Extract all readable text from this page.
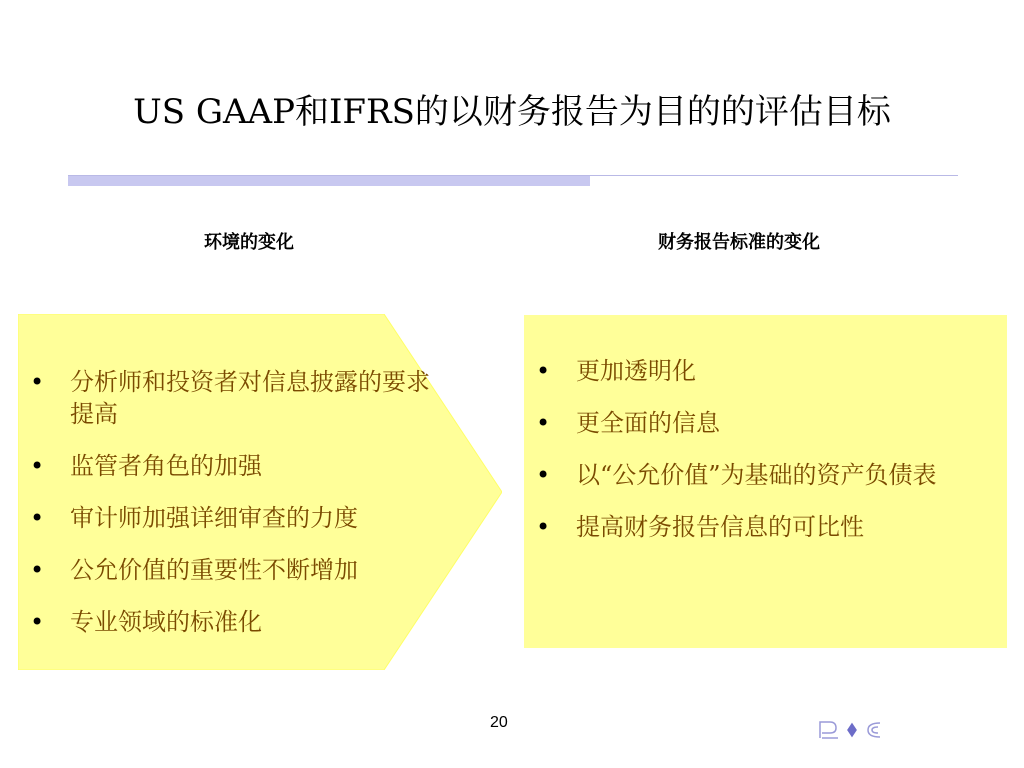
US GAAP和IFRS的以财务报告为目的的评估目标
环境的变化	财务报告标准的变化
• 分析师和投资者对信息披露的要求提高
• 监管者角色的加强
• 审计师加强详细审查的力度
• 公允价值的重要性不断增加
• 专业领域的标准化
• 更加透明化
• 更全面的信息
• 以“公允价值”为基础的资产负债表
• 提高财务报告信息的可比性
20
